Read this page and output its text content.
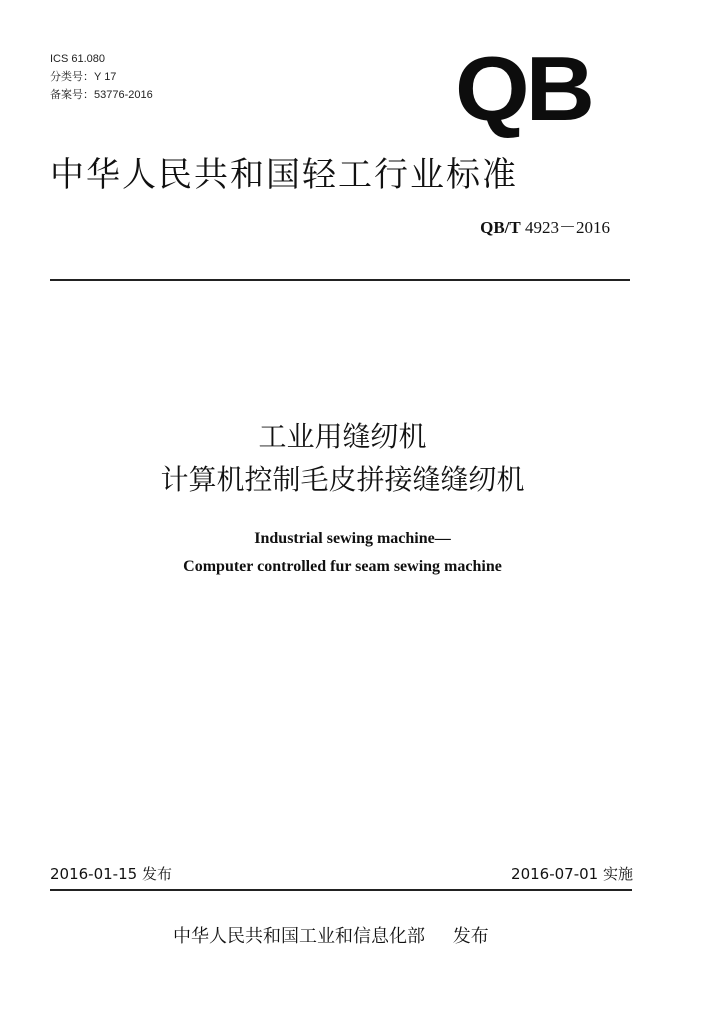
ICS 61.080
分类号：Y 17
备案号：53776-2016	QB
中华人民共和国轻工行业标准
QB/T 4923－2016
工业用缝纫机
计算机控制毛皮拼接缝缝纫机
Industrial sewing machine—
Computer controlled fur seam sewing machine
2016-01-15 发布	2016-07-01 实施
中华人民共和国工业和信息化部 发布
